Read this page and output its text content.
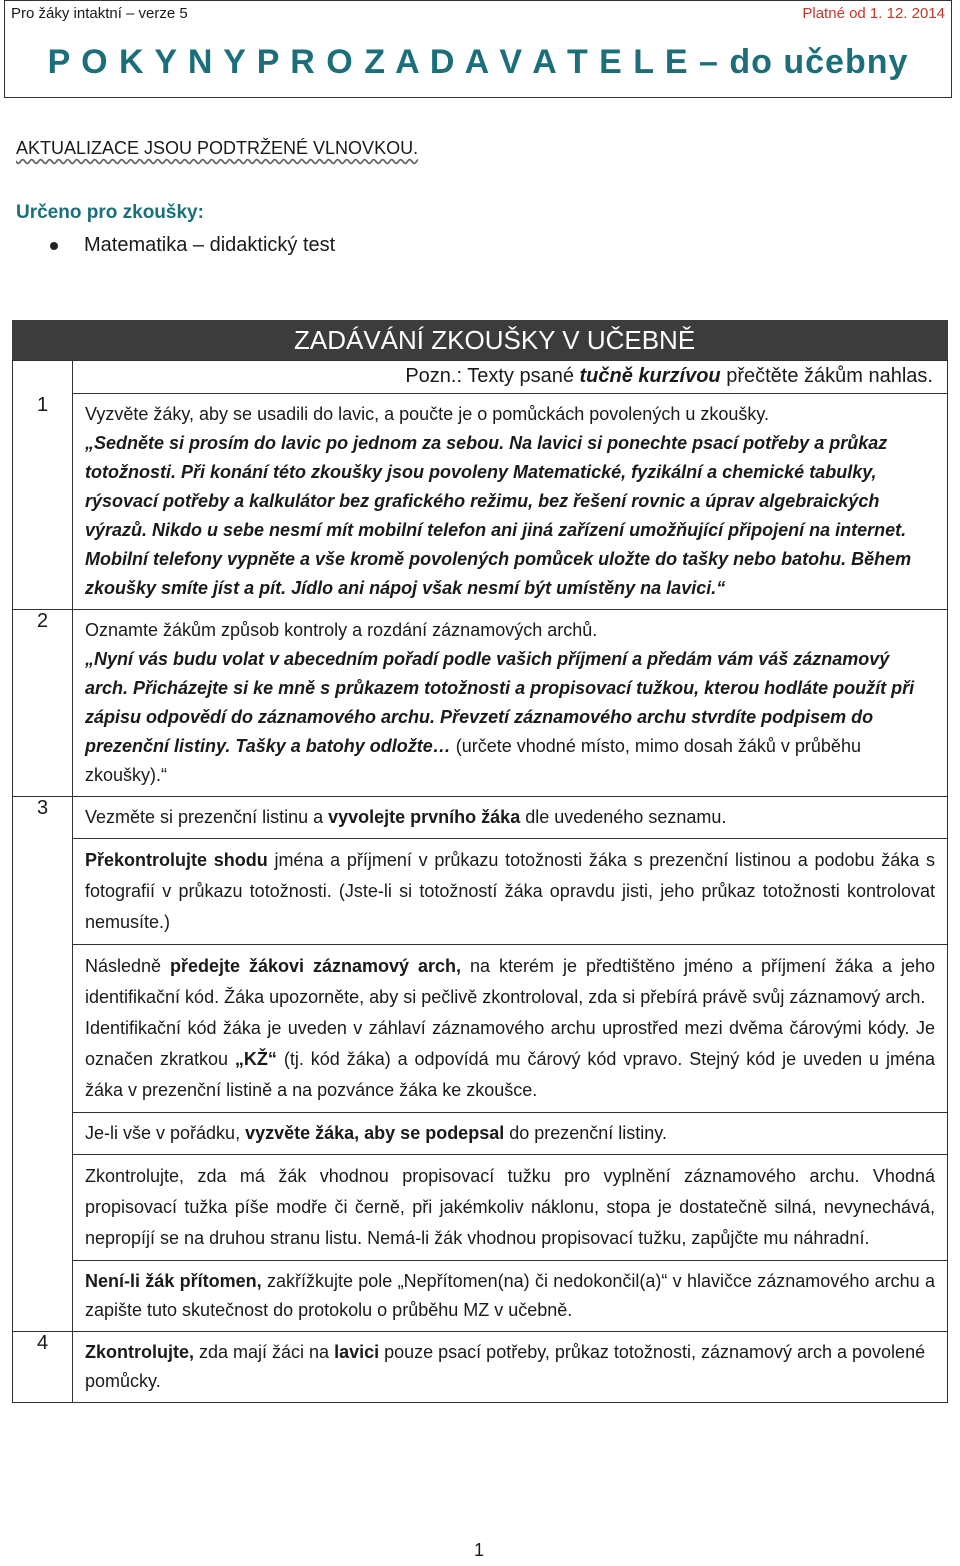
Pro žáky intaktní – verze 5	Platné od 1. 12. 2014
P O K Y N Y P R O Z A D A V A T E L E – do učebny
AKTUALIZACE JSOU PODTRŽENÉ VLNOVKOU.
Určeno pro zkoušky:
Matematika – didaktický test
ZADÁVÁNÍ ZKOUŠKY V UČEBNĚ

	Pozn.: Texty psané tučně kurzívou přečtěte žákům nahlas.

1	Vyzvěte žáky, aby se usadili do lavic, a poučte je o pomůckách povolených u zkoušky.
„Sedněte si prosím do lavic po jednom za sebou. Na lavici si ponechte psací potřeby a průkaz totožnosti. Při konání této zkoušky jsou povoleny Matematické, fyzikální a chemické tabulky, rýsovací potřeby a kalkulátor bez grafického režimu, bez řešení rovnic a úprav algebraických výrazů. Nikdo u sebe nesmí mít mobilní telefon ani jiná zařízení umožňující připojení na internet. Mobilní telefony vypněte a vše kromě povolených pomůcek uložte do tašky nebo batohu. Během zkoušky smíte jíst a pít. Jídlo ani nápoj však nesmí být umístěny na lavici.“

2	Oznamte žákům způsob kontroly a rozdání záznamových archů.
„Nyní vás budu volat v abecedním pořadí podle vašich příjmení a předám vám váš záznamový arch. Přicházejte si ke mně s průkazem totožnosti a propisovací tužkou, kterou hodláte použít při zápisu odpovědí do záznamového archu. Převzetí záznamového archu stvrdíte podpisem do prezenční listiny. Tašky a batohy odložte… (určete vhodné místo, mimo dosah žáků v průběhu zkoušky).“

3	Vezměte si prezenční listinu a vyvolejte prvního žáka dle uvedeného seznamu.

	Překontrolujte shodu jména a příjmení v průkazu totožnosti žáka s prezenční listinou a podobu žáka s fotografií v průkazu totožnosti. (Jste-li si totožností žáka opravdu jisti, jeho průkaz totožnosti kontrolovat nemusíte.)

	Následně předejte žákovi záznamový arch, na kterém je předtištěno jméno a příjmení žáka a jeho identifikační kód. Žáka upozorněte, aby si pečlivě zkontroloval, zda si přebírá právě svůj záznamový arch.
Identifikační kód žáka je uveden v záhlaví záznamového archu uprostřed mezi dvěma čárovými kódy. Je označen zkratkou „KŽ“ (tj. kód žáka) a odpovídá mu čárový kód vpravo. Stejný kód je uveden u jména žáka v prezenční listině a na pozvánce žáka ke zkoušce.

	Je-li vše v pořádku, vyzvěte žáka, aby se podepsal do prezenční listiny.

	Zkontrolujte, zda má žák vhodnou propisovací tužku pro vyplnění záznamového archu. Vhodná propisovací tužka píše modře či černě, při jakémkoliv náklonu, stopa je dostatečně silná, nevynechává, nepropíjí se na druhou stranu listu. Nemá-li žák vhodnou propisovací tužku, zapůjčte mu náhradní.

	Není-li žák přítomen, zakřížkujte pole „Nepřítomen(na) či nedokončil(a)“ v hlavičce záznamového archu a zapište tuto skutečnost do protokolu o průběhu MZ v učebně.

4	Zkontrolujte, zda mají žáci na lavici pouze psací potřeby, průkaz totožnosti, záznamový arch a povolené pomůcky.
1
